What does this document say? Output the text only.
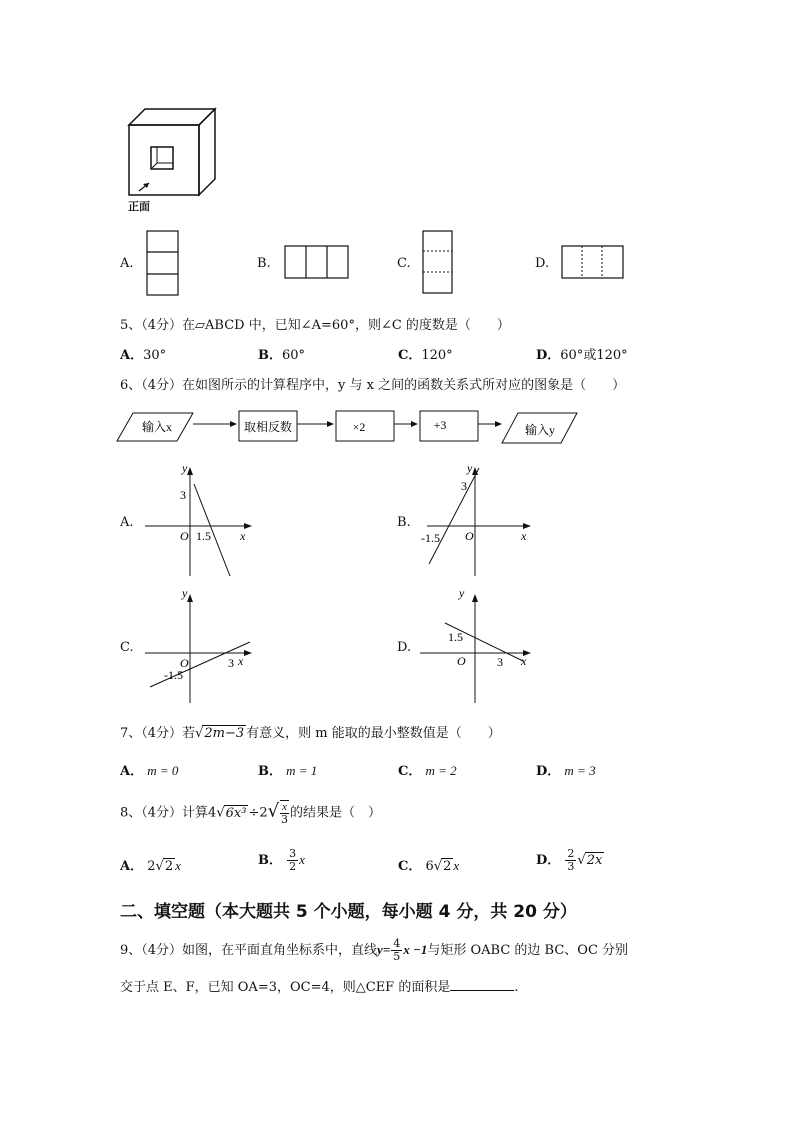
正面
A.	B.	C.	D.
5、（4分）在▱ABCD 中，已知∠A=60°，则∠C 的度数是（　　）
A．30°	B．60°	C．120°	D．60°或120°
6、（4分）在如图所示的计算程序中，y 与 x 之间的函数关系式所对应的图象是（　　）
输入x	取相反数	×2	+3	输入y
A.
y
x
O
3
1.5
B.
y
x
O
3
-1.5
C.
y
x
O	3
-1.5
D.
y
x
O
1.5
3
7、（4分）若√2m−3 有意义，则 m 能取的最小整数值是（　　）
A． m = 0	B． m = 1	C． m = 2	D． m = 3
8、（4分）计算$4√6x^3 \div 2√ \frac{x}{3}$ 的结果是（　）
A． 2√2 x	B． $\frac{3}{2}$ x	C． 6√2 x	D． $\frac{2}{3} √2x$
二、填空题（本大题共 5 个小题，每小题 4 分，共 20 分）
9、（4分）如图，在平面直角坐标系中，直线$y= \frac{4}{5}$ x −1与矩形 OABC 的边 BC、OC 分别
交于点 E、F，已知 OA=3，OC=4，则△CEF 的面积是	.
